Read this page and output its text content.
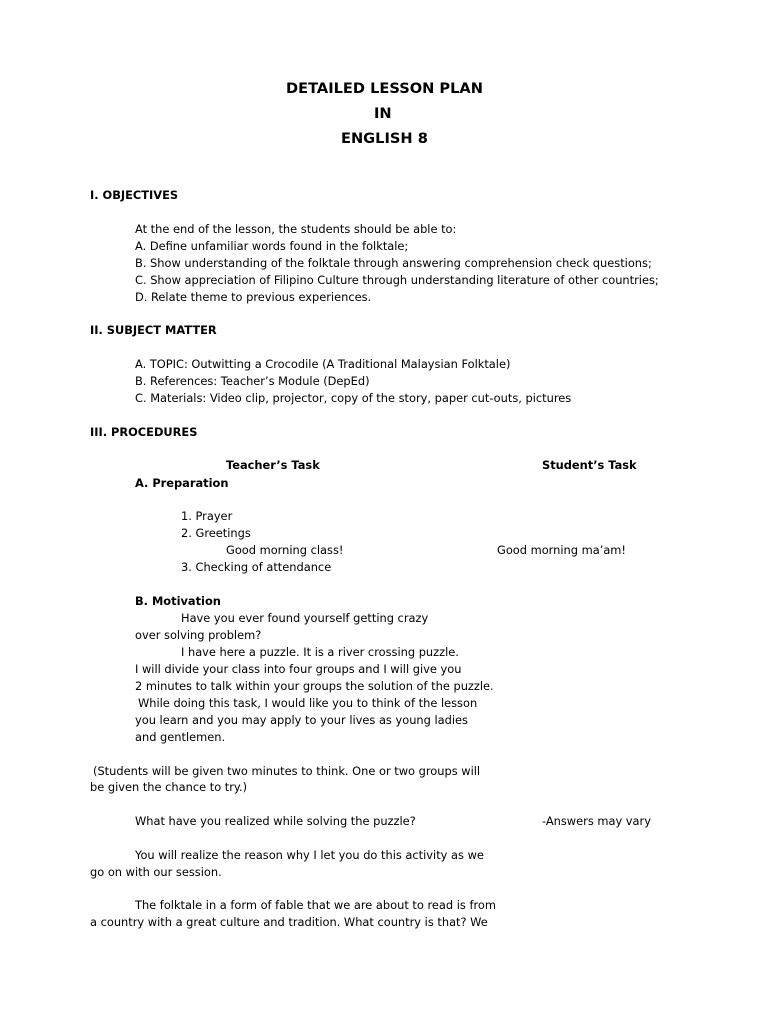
DETAILED LESSON PLAN
IN
ENGLISH 8
I. OBJECTIVES
At the end of the lesson, the students should be able to:
A. Define unfamiliar words found in the folktale;
B. Show understanding of the folktale through answering comprehension check questions;
C. Show appreciation of Filipino Culture through understanding literature of other countries;
D. Relate theme to previous experiences.
II. SUBJECT MATTER
A. TOPIC: Outwitting a Crocodile (A Traditional Malaysian Folktale)
B. References: Teacher’s Module (DepEd)
C. Materials: Video clip, projector, copy of the story, paper cut-outs, pictures
III. PROCEDURES
Teacher’s Task	Student’s Task
A. Preparation
1. Prayer
2. Greetings
Good morning class!	Good morning ma’am!
3. Checking of attendance
B. Motivation
Have you ever found yourself getting crazy
over solving problem?
I have here a puzzle. It is a river crossing puzzle.
I will divide your class into four groups and I will give you
2 minutes to talk within your groups the solution of the puzzle.
While doing this task, I would like you to think of the lesson
you learn and you may apply to your lives as young ladies
and gentlemen.
(Students will be given two minutes to think. One or two groups will
be given the chance to try.)
What have you realized while solving the puzzle?	-Answers may vary
You will realize the reason why I let you do this activity as we
go on with our session.
The folktale in a form of fable that we are about to read is from
a country with a great culture and tradition. What country is that? We
